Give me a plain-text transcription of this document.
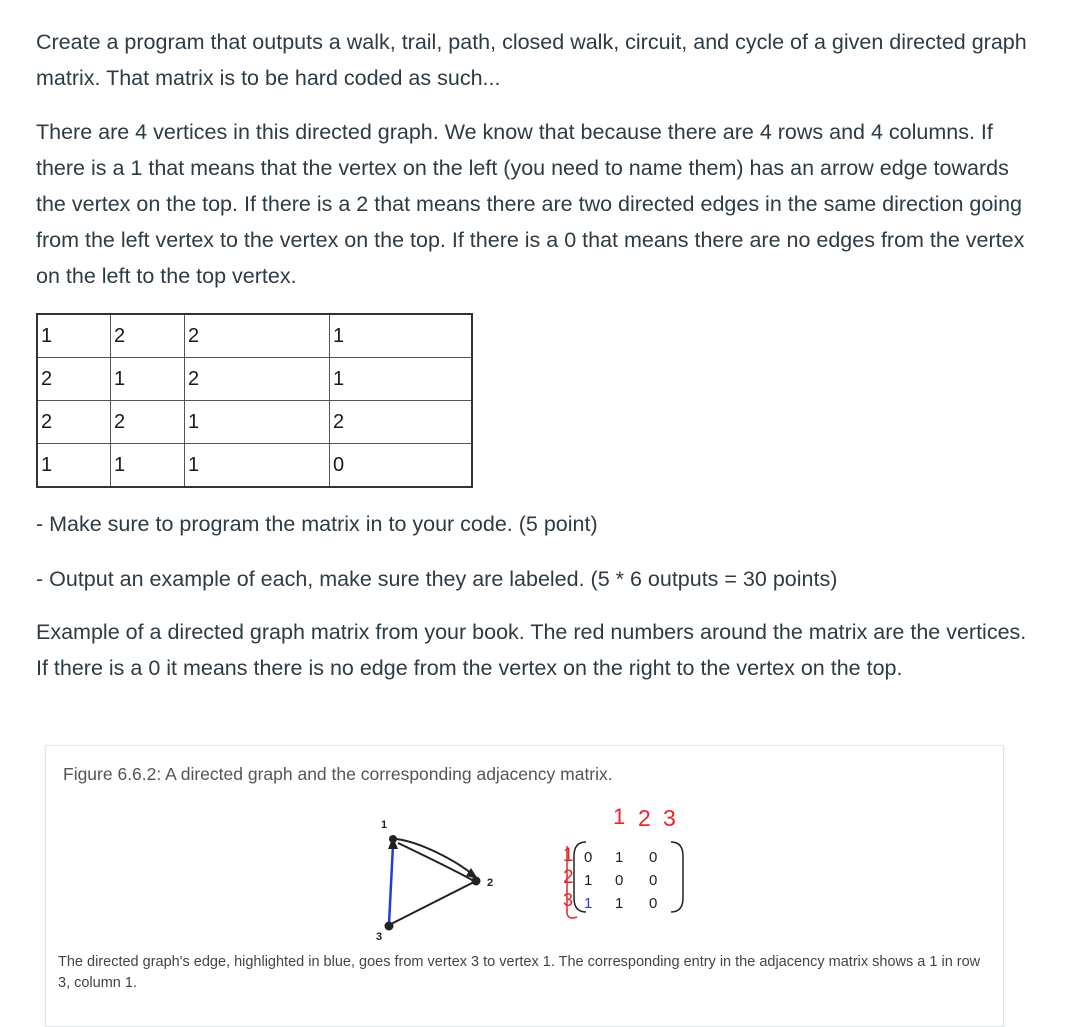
Create a program that outputs a walk, trail, path, closed walk, circuit, and cycle of a given directed graph matrix. That matrix is to be hard coded as such...

There are 4 vertices in this directed graph. We know that because there are 4 rows and 4 columns. If there is a 1 that means that the vertex on the left (you need to name them) has an arrow edge towards the vertex on the top. If there is a 2 that means there are two directed edges in the same direction going from the left vertex to the vertex on the top. If there is a 0 that means there are no edges from the vertex on the left to the top vertex.

1	2	2	1
2	1	2	1
2	2	1	2
1	1	1	0

- Make sure to program the matrix in to your code. (5 point)

- Output an example of each, make sure they are labeled. (5 * 6 outputs = 30 points)

Example of a directed graph matrix from your book. The red numbers around the matrix are the vertices. If there is a 0 it means there is no edge from the vertex on the right to the vertex on the top.

Figure 6.6.2: A directed graph and the corresponding adjacency matrix.
1
2
3
1 2 3
1
2
3
0 1 0
1 0 0
1 1 0
The directed graph's edge, highlighted in blue, goes from vertex 3 to vertex 1. The corresponding entry in the adjacency matrix shows a 1 in row 3, column 1.
